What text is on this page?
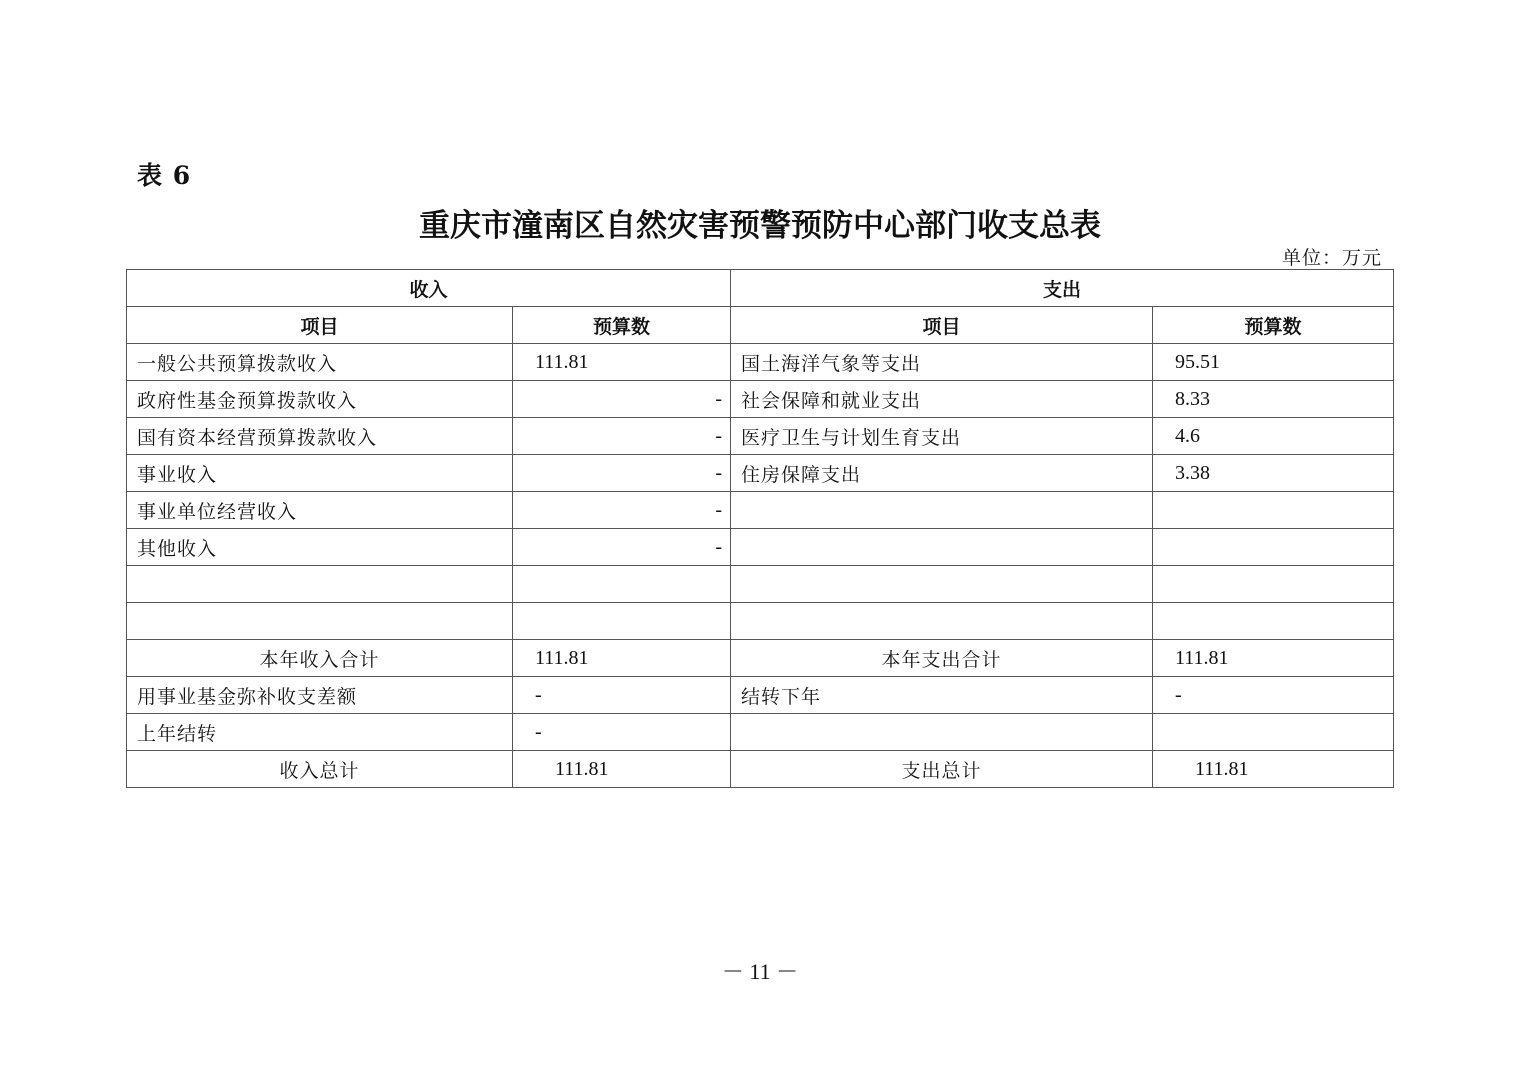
表 6
重庆市潼南区自然灾害预警预防中心部门收支总表
单位：万元
收入		支出	
项目	预算数	项目	预算数
一般公共预算拨款收入	111.81	国土海洋气象等支出	95.51
政府性基金预算拨款收入	-	社会保障和就业支出	8.33
国有资本经营预算拨款收入	-	医疗卫生与计划生育支出	4.6
事业收入	-	住房保障支出	3.38
事业单位经营收入	-		
其他收入	-		

本年收入合计	111.81	本年支出合计	111.81
用事业基金弥补收支差额	-	结转下年	-
上年结转	-		
收入总计	111.81	支出总计	111.81
－ 11 －
